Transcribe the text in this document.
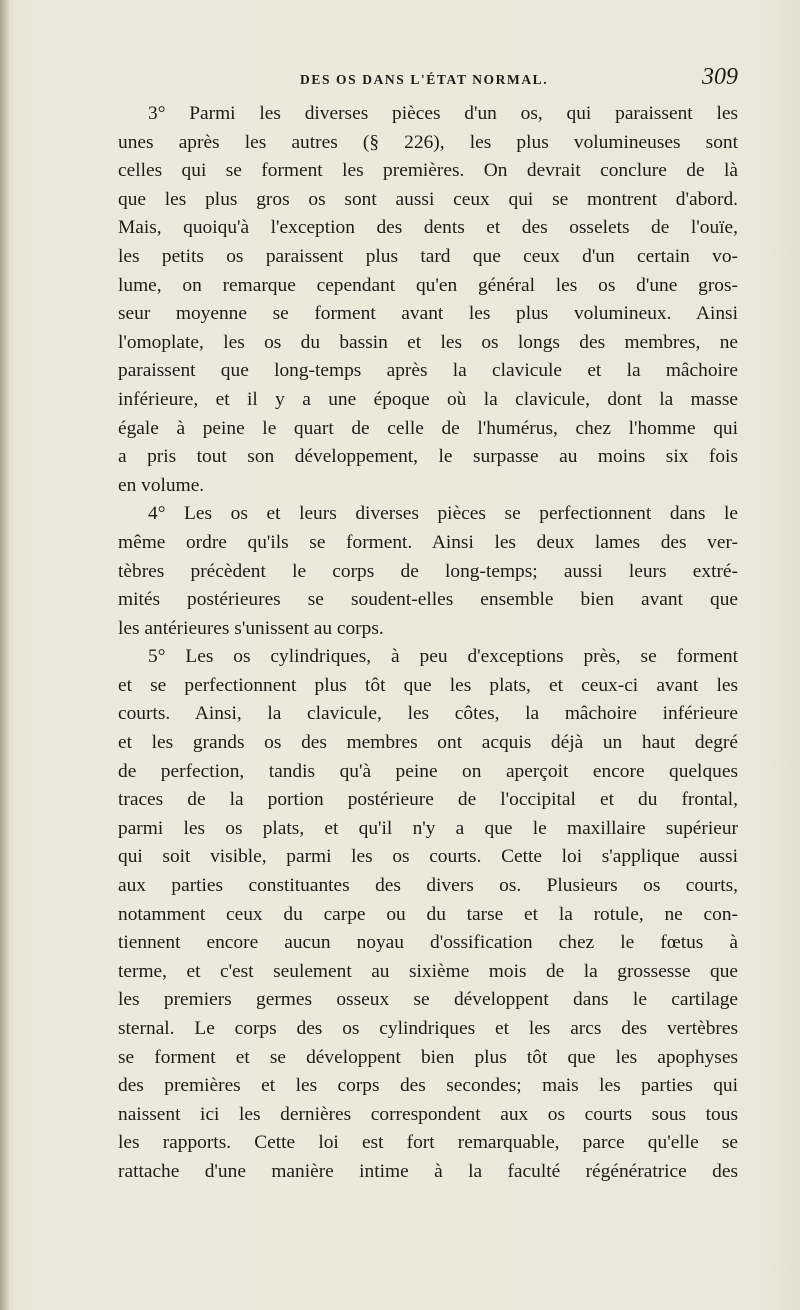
DES OS DANS L'ÉTAT NORMAL.	309
3° Parmi les diverses pièces d'un os, qui paraissent les
unes après les autres (§ 226), les plus volumineuses sont
celles qui se forment les premières. On devrait conclure de là
que les plus gros os sont aussi ceux qui se montrent d'abord.
Mais, quoiqu'à l'exception des dents et des osselets de l'ouïe,
les petits os paraissent plus tard que ceux d'un certain vo-
lume, on remarque cependant qu'en général les os d'une gros-
seur moyenne se forment avant les plus volumineux. Ainsi
l'omoplate, les os du bassin et les os longs des membres, ne
paraissent que long-temps après la clavicule et la mâchoire
inférieure, et il y a une époque où la clavicule, dont la masse
égale à peine le quart de celle de l'humérus, chez l'homme qui
a pris tout son développement, le surpasse au moins six fois
en volume.
4° Les os et leurs diverses pièces se perfectionnent dans le
même ordre qu'ils se forment. Ainsi les deux lames des ver-
tèbres précèdent le corps de long-temps; aussi leurs extré-
mités postérieures se soudent-elles ensemble bien avant que
les antérieures s'unissent au corps.
5° Les os cylindriques, à peu d'exceptions près, se forment
et se perfectionnent plus tôt que les plats, et ceux-ci avant les
courts. Ainsi, la clavicule, les côtes, la mâchoire inférieure
et les grands os des membres ont acquis déjà un haut degré
de perfection, tandis qu'à peine on aperçoit encore quelques
traces de la portion postérieure de l'occipital et du frontal,
parmi les os plats, et qu'il n'y a que le maxillaire supérieur
qui soit visible, parmi les os courts. Cette loi s'applique aussi
aux parties constituantes des divers os. Plusieurs os courts,
notamment ceux du carpe ou du tarse et la rotule, ne con-
tiennent encore aucun noyau d'ossification chez le fœtus à
terme, et c'est seulement au sixième mois de la grossesse que
les premiers germes osseux se développent dans le cartilage
sternal. Le corps des os cylindriques et les arcs des vertèbres
se forment et se développent bien plus tôt que les apophyses
des premières et les corps des secondes; mais les parties qui
naissent ici les dernières correspondent aux os courts sous tous
les rapports. Cette loi est fort remarquable, parce qu'elle se
rattache d'une manière intime à la faculté régénératrice des
